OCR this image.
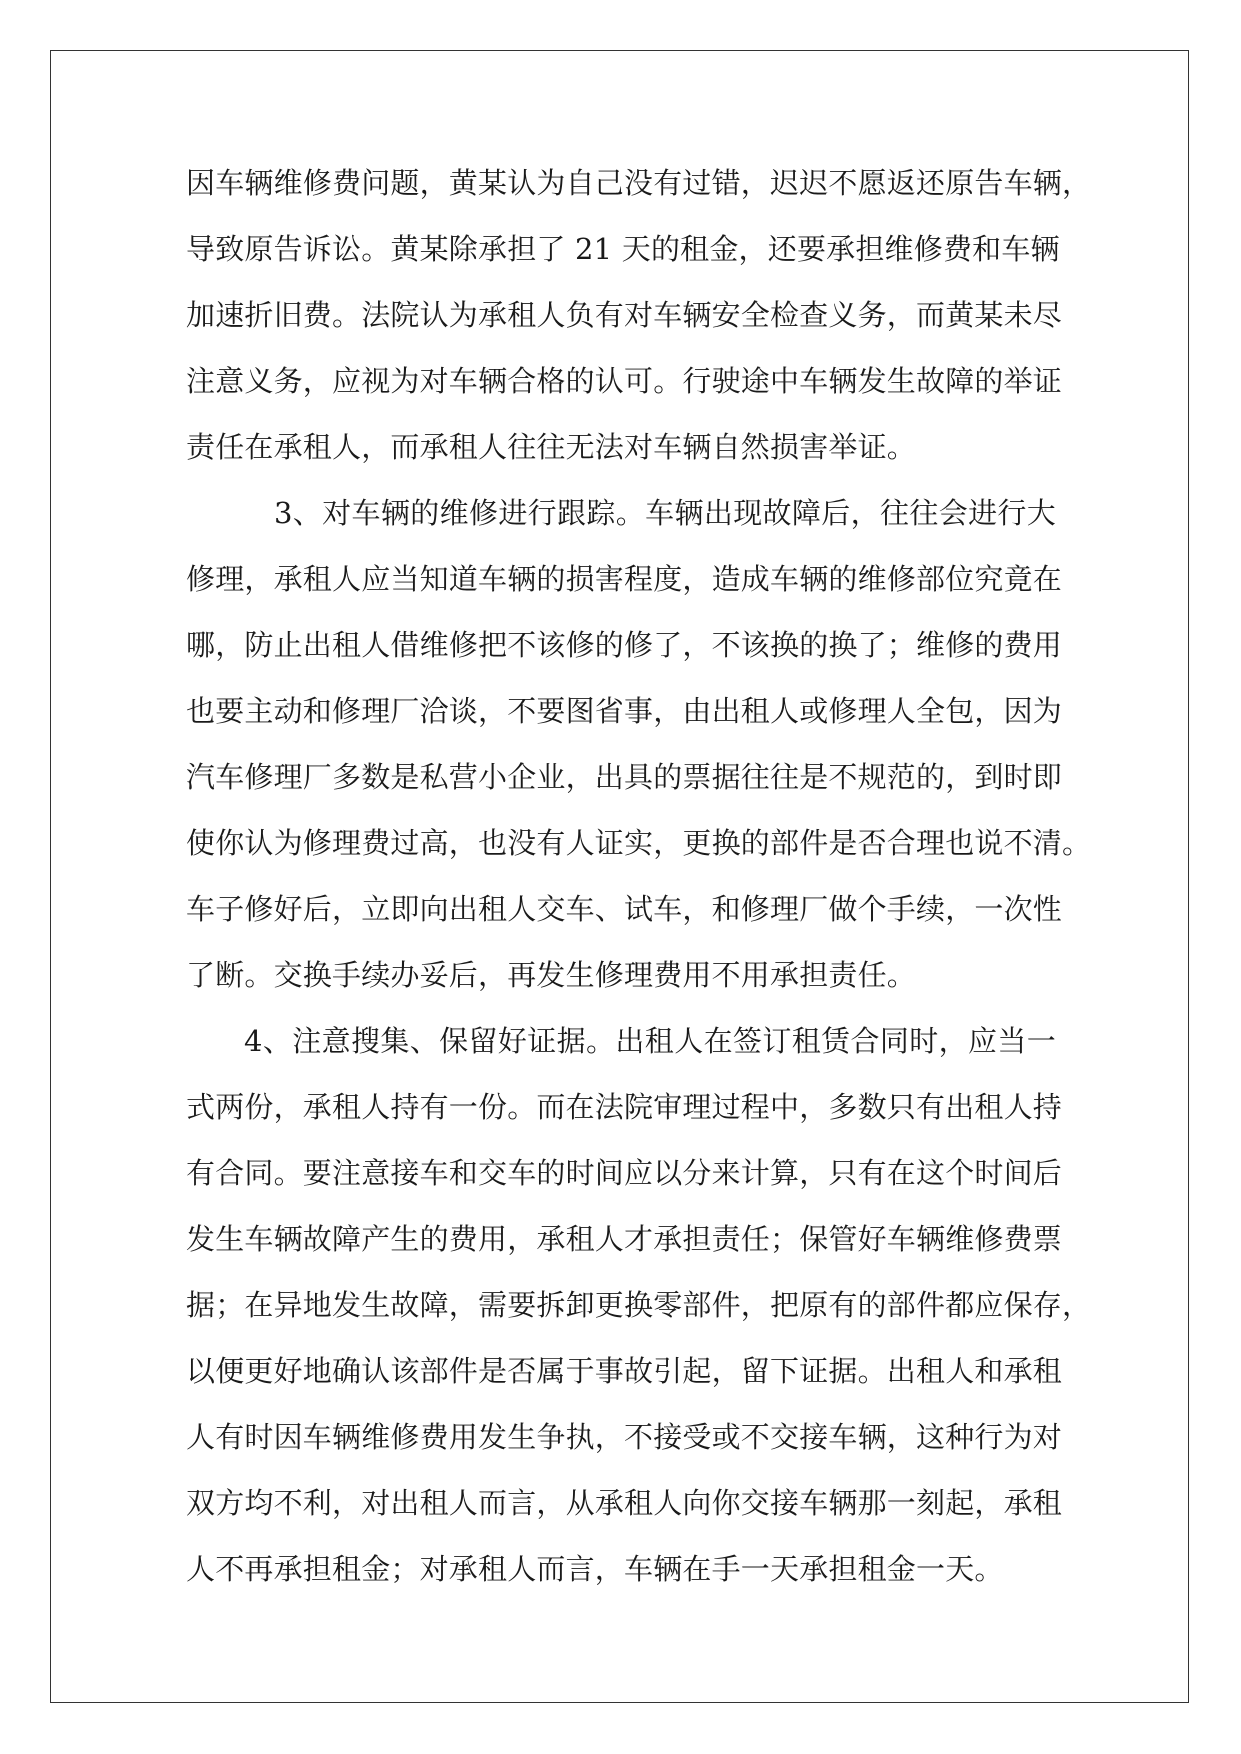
因车辆维修费问题，黄某认为自己没有过错，迟迟不愿返还原告车辆，
导致原告诉讼。黄某除承担了 21 天的租金，还要承担维修费和车辆
加速折旧费。法院认为承租人负有对车辆安全检查义务，而黄某未尽
注意义务，应视为对车辆合格的认可。行驶途中车辆发生故障的举证
责任在承租人，而承租人往往无法对车辆自然损害举证。
3、对车辆的维修进行跟踪。车辆出现故障后，往往会进行大
修理，承租人应当知道车辆的损害程度，造成车辆的维修部位究竟在
哪，防止出租人借维修把不该修的修了，不该换的换了；维修的费用
也要主动和修理厂洽谈，不要图省事，由出租人或修理人全包，因为
汽车修理厂多数是私营小企业，出具的票据往往是不规范的，到时即
使你认为修理费过高，也没有人证实，更换的部件是否合理也说不清。
车子修好后，立即向出租人交车、试车，和修理厂做个手续，一次性
了断。交换手续办妥后，再发生修理费用不用承担责任。
4、注意搜集、保留好证据。出租人在签订租赁合同时，应当一
式两份，承租人持有一份。而在法院审理过程中，多数只有出租人持
有合同。要注意接车和交车的时间应以分来计算，只有在这个时间后
发生车辆故障产生的费用，承租人才承担责任；保管好车辆维修费票
据；在异地发生故障，需要拆卸更换零部件，把原有的部件都应保存，
以便更好地确认该部件是否属于事故引起，留下证据。出租人和承租
人有时因车辆维修费用发生争执，不接受或不交接车辆，这种行为对
双方均不利，对出租人而言，从承租人向你交接车辆那一刻起，承租
人不再承担租金；对承租人而言，车辆在手一天承担租金一天。
